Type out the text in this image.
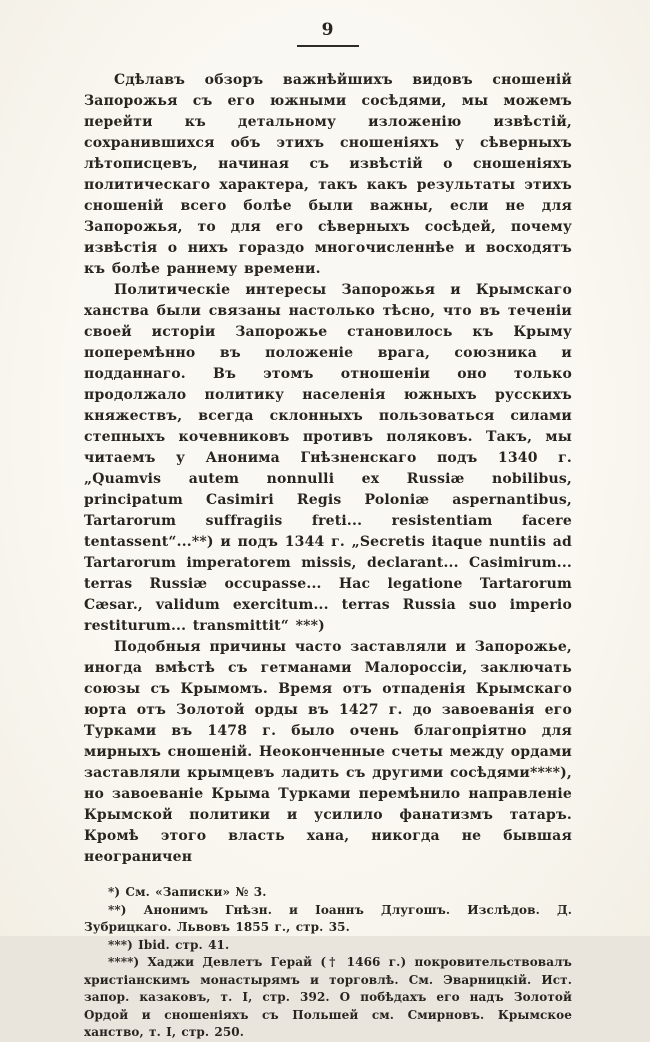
9

Сдѣлавъ обзоръ важнѣйшихъ видовъ сношеній Запорожья съ его южными сосѣдями, мы можемъ перейти къ детальному изложенію извѣстій, сохранившихся объ этихъ сношеніяхъ у сѣверныхъ лѣтописцевъ, начиная съ извѣстій о сношеніяхъ политическаго характера, такъ какъ результаты этихъ сношеній всего болѣе были важны, если не для Запорожья, то для его сѣверныхъ сосѣдей, почему извѣстія о нихъ гораздо многочисленнѣе и восходятъ къ болѣе раннему времени.

Политическіе интересы Запорожья и Крымскаго ханства были связаны настолько тѣсно, что въ теченіи своей исторіи Запорожье становилось къ Крыму поперемѣнно въ положеніе врага, союзника и подданнаго. Въ этомъ отношеніи оно только продолжало политику населенія южныхъ русскихъ княжествъ, всегда склонныхъ пользоваться силами степныхъ кочевниковъ противъ поляковъ. Такъ, мы читаемъ у Анонима Гнѣзненскаго подъ 1340 г. „Quamvis autem nonnulli ex Russiæ nobilibus, principatum Casimiri Regis Poloniæ aspernantibus, Tartarorum suffragiis freti... resistentiam facere tentassent“...**) и подъ 1344 г. „Secretis itaque nuntiis ad Tartarorum imperatorem missis, declarant... Casimirum... terras Russiæ occupasse... Hac legatione Tartarorum Cæsar., validum exercitum... terras Russia suo imperio restiturum... transmittit“ ***)

Подобныя причины часто заставляли и Запорожье, иногда вмѣстѣ съ гетманами Малороссіи, заключать союзы съ Крымомъ. Время отъ отпаденія Крымскаго юрта отъ Золотой орды въ 1427 г. до завоеванія его Турками въ 1478 г. было очень благопріятно для мирныхъ сношеній. Неоконченные счеты между ордами заставляли крымцевъ ладить съ другими сосѣдями****), но завоеваніе Крыма Турками перемѣнило направленіе Крымской политики и усилило фанатизмъ татаръ. Кромѣ этого власть хана, никогда не бывшая неограничен

*) См. «Записки» № 3.

**) Анонимъ Гнѣзн. и Іоаннъ Длугошъ. Изслѣдов. Д. Зубрицкаго. Львовъ 1855 г., стр. 35.

***) Ibid. стр. 41.

****) Хаджи Девлетъ Герай († 1466 г.) покровительствовалъ христіанскимъ монастырямъ и торговлѣ. См. Эварницкій. Ист. запор. казаковъ, т. I, стр. 392. О побѣдахъ его надъ Золотой Ордой и сношеніяхъ съ Польшей см. Смирновъ. Крымское ханство, т. I, стр. 250.
